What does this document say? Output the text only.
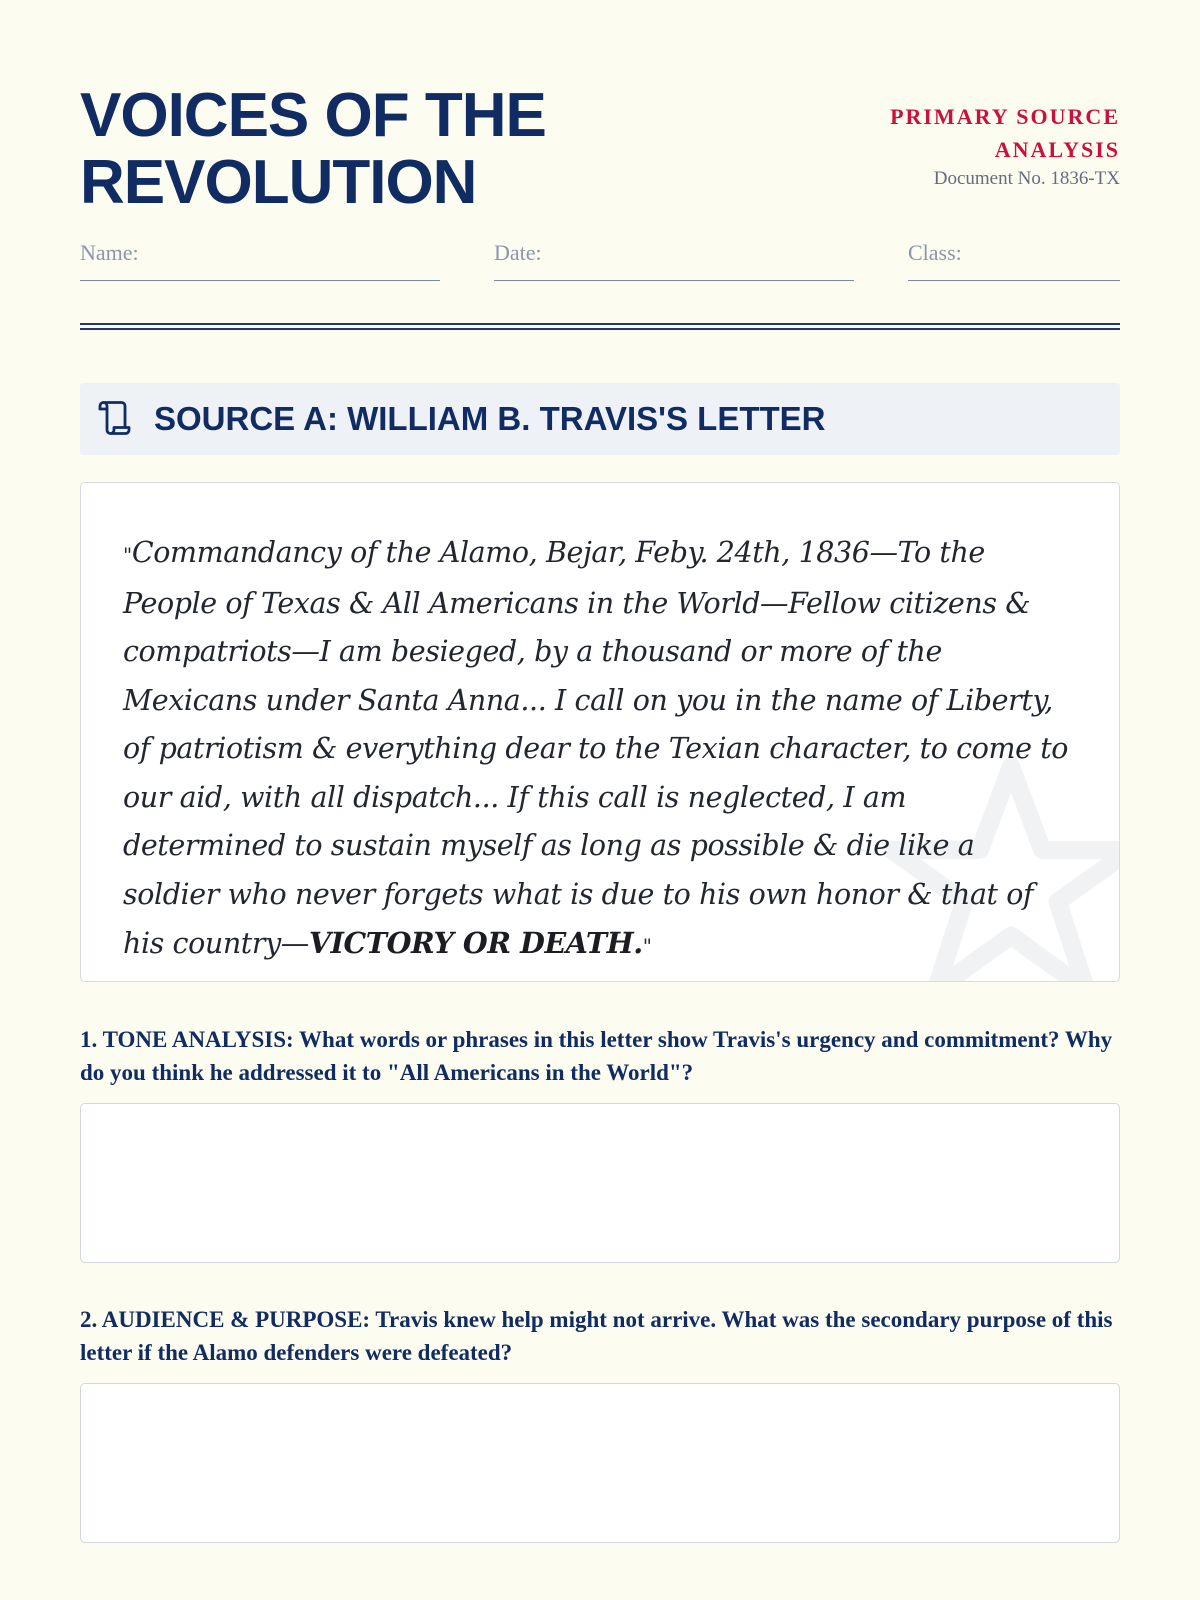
VOICES OF THE REVOLUTION
PRIMARY SOURCE ANALYSIS
Document No. 1836-TX
Name:	Date:	Class:
SOURCE A: WILLIAM B. TRAVIS'S LETTER

"Commandancy of the Alamo, Bejar, Feby. 24th, 1836—To the People of Texas & All Americans in the World—Fellow citizens & compatriots—I am besieged, by a thousand or more of the Mexicans under Santa Anna... I call on you in the name of Liberty, of patriotism & everything dear to the Texian character, to come to our aid, with all dispatch... If this call is neglected, I am determined to sustain myself as long as possible & die like a soldier who never forgets what is due to his own honor & that of his country—VICTORY OR DEATH."

1. TONE ANALYSIS: What words or phrases in this letter show Travis's urgency and commitment? Why do you think he addressed it to "All Americans in the World"?

2. AUDIENCE & PURPOSE: Travis knew help might not arrive. What was the secondary purpose of this letter if the Alamo defenders were defeated?
